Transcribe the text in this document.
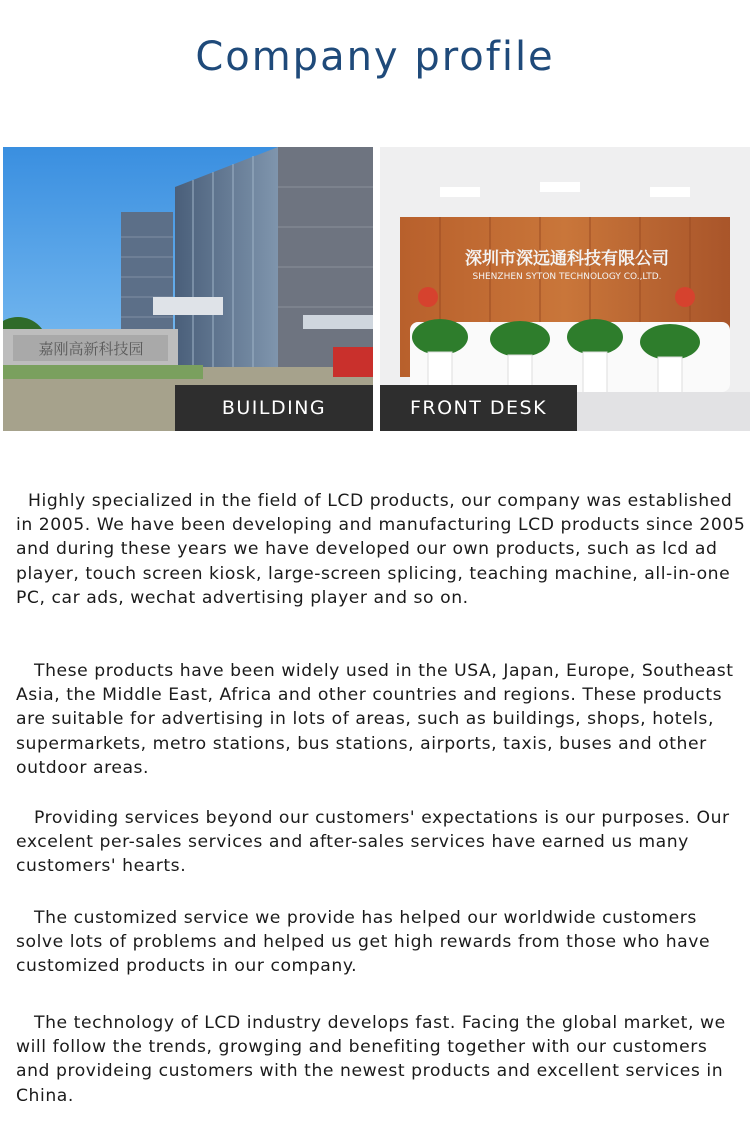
Company profile
嘉刚高新科技园
BUILDING
深圳市深远通科技有限公司
SHENZHEN SYTON TECHNOLOGY CO.,LTD.
FRONT DESK

Highly specialized in the field of LCD products, our company was established in 2005. We have been developing and manufacturing LCD products since 2005 and during these years we have developed our own products, such as lcd ad player, touch screen kiosk, large-screen splicing, teaching machine, all-in-one PC, car ads, wechat advertising player and so on.

These products have been widely used in the USA, Japan, Europe, Southeast Asia, the Middle East, Africa and other countries and regions. These products are suitable for advertising in lots of areas, such as buildings, shops, hotels, supermarkets, metro stations, bus stations, airports, taxis, buses and other outdoor areas.

Providing services beyond our customers' expectations is our purposes. Our excelent per-sales services and after-sales services have earned us many customers' hearts.

The customized service we provide has helped our worldwide customers solve lots of problems and helped us get high rewards from those who have customized products in our company.

The technology of LCD industry develops fast. Facing the global market, we will follow the trends, growging and benefiting together with our customers and provideing customers with the newest products and excellent services in China.
